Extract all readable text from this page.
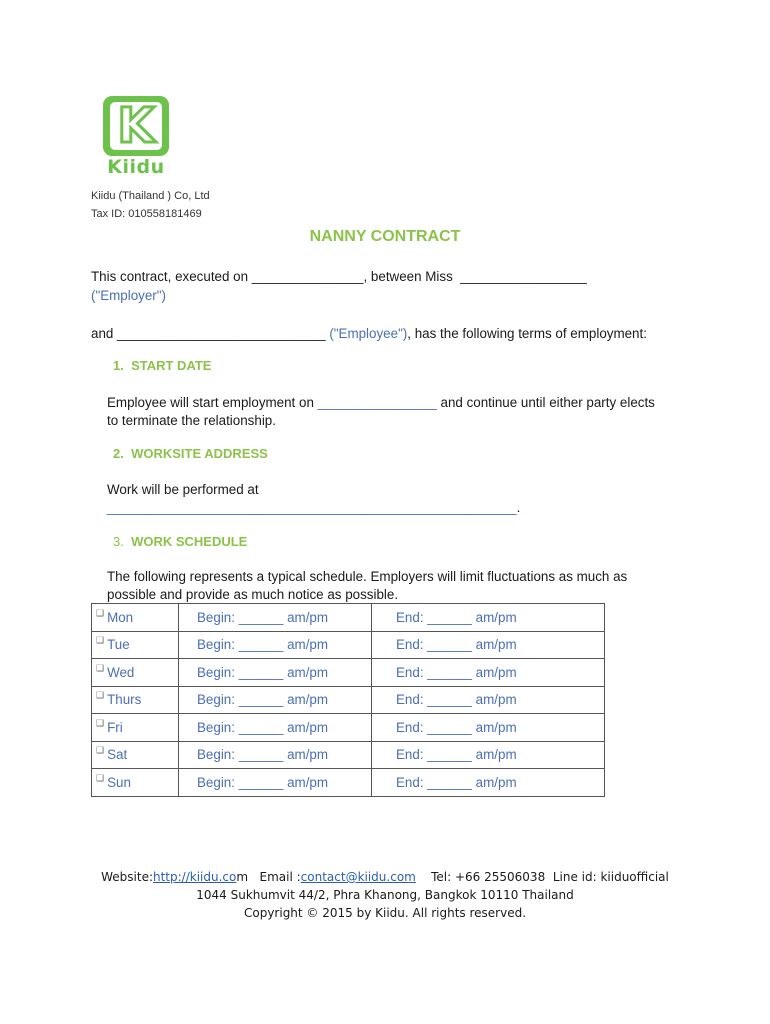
K
Kiidu
Kiidu (Thailand ) Co, Ltd
Tax ID: 010558181469
NANNY CONTRACT
This contract, executed on _______________, between Miss  _________________
("Employer")
and ____________________________ ("Employee"), has the following terms of employment:
1. START DATE
Employee will start employment on ________________ and continue until either party elects
to terminate the relationship.
2. WORKSITE ADDRESS
Work will be performed at
_______________________________________________________.
3. WORK SCHEDULE
The following represents a typical schedule. Employers will limit fluctuations as much as
possible and provide as much notice as possible.
❑ Mon	Begin: ______ am/pm	End: ______ am/pm
❑ Tue	Begin: ______ am/pm	End: ______ am/pm
❑ Wed	Begin: ______ am/pm	End: ______ am/pm
❑ Thurs	Begin: ______ am/pm	End: ______ am/pm
❑ Fri	Begin: ______ am/pm	End: ______ am/pm
❑ Sat	Begin: ______ am/pm	End: ______ am/pm
❑ Sun	Begin: ______ am/pm	End: ______ am/pm
Website:http://kiidu.com   Email :contact@kiidu.com    Tel: +66 25506038  Line id: kiiduofficial
1044 Sukhumvit 44/2, Phra Khanong, Bangkok 10110 Thailand
Copyright © 2015 by Kiidu. All rights reserved.
